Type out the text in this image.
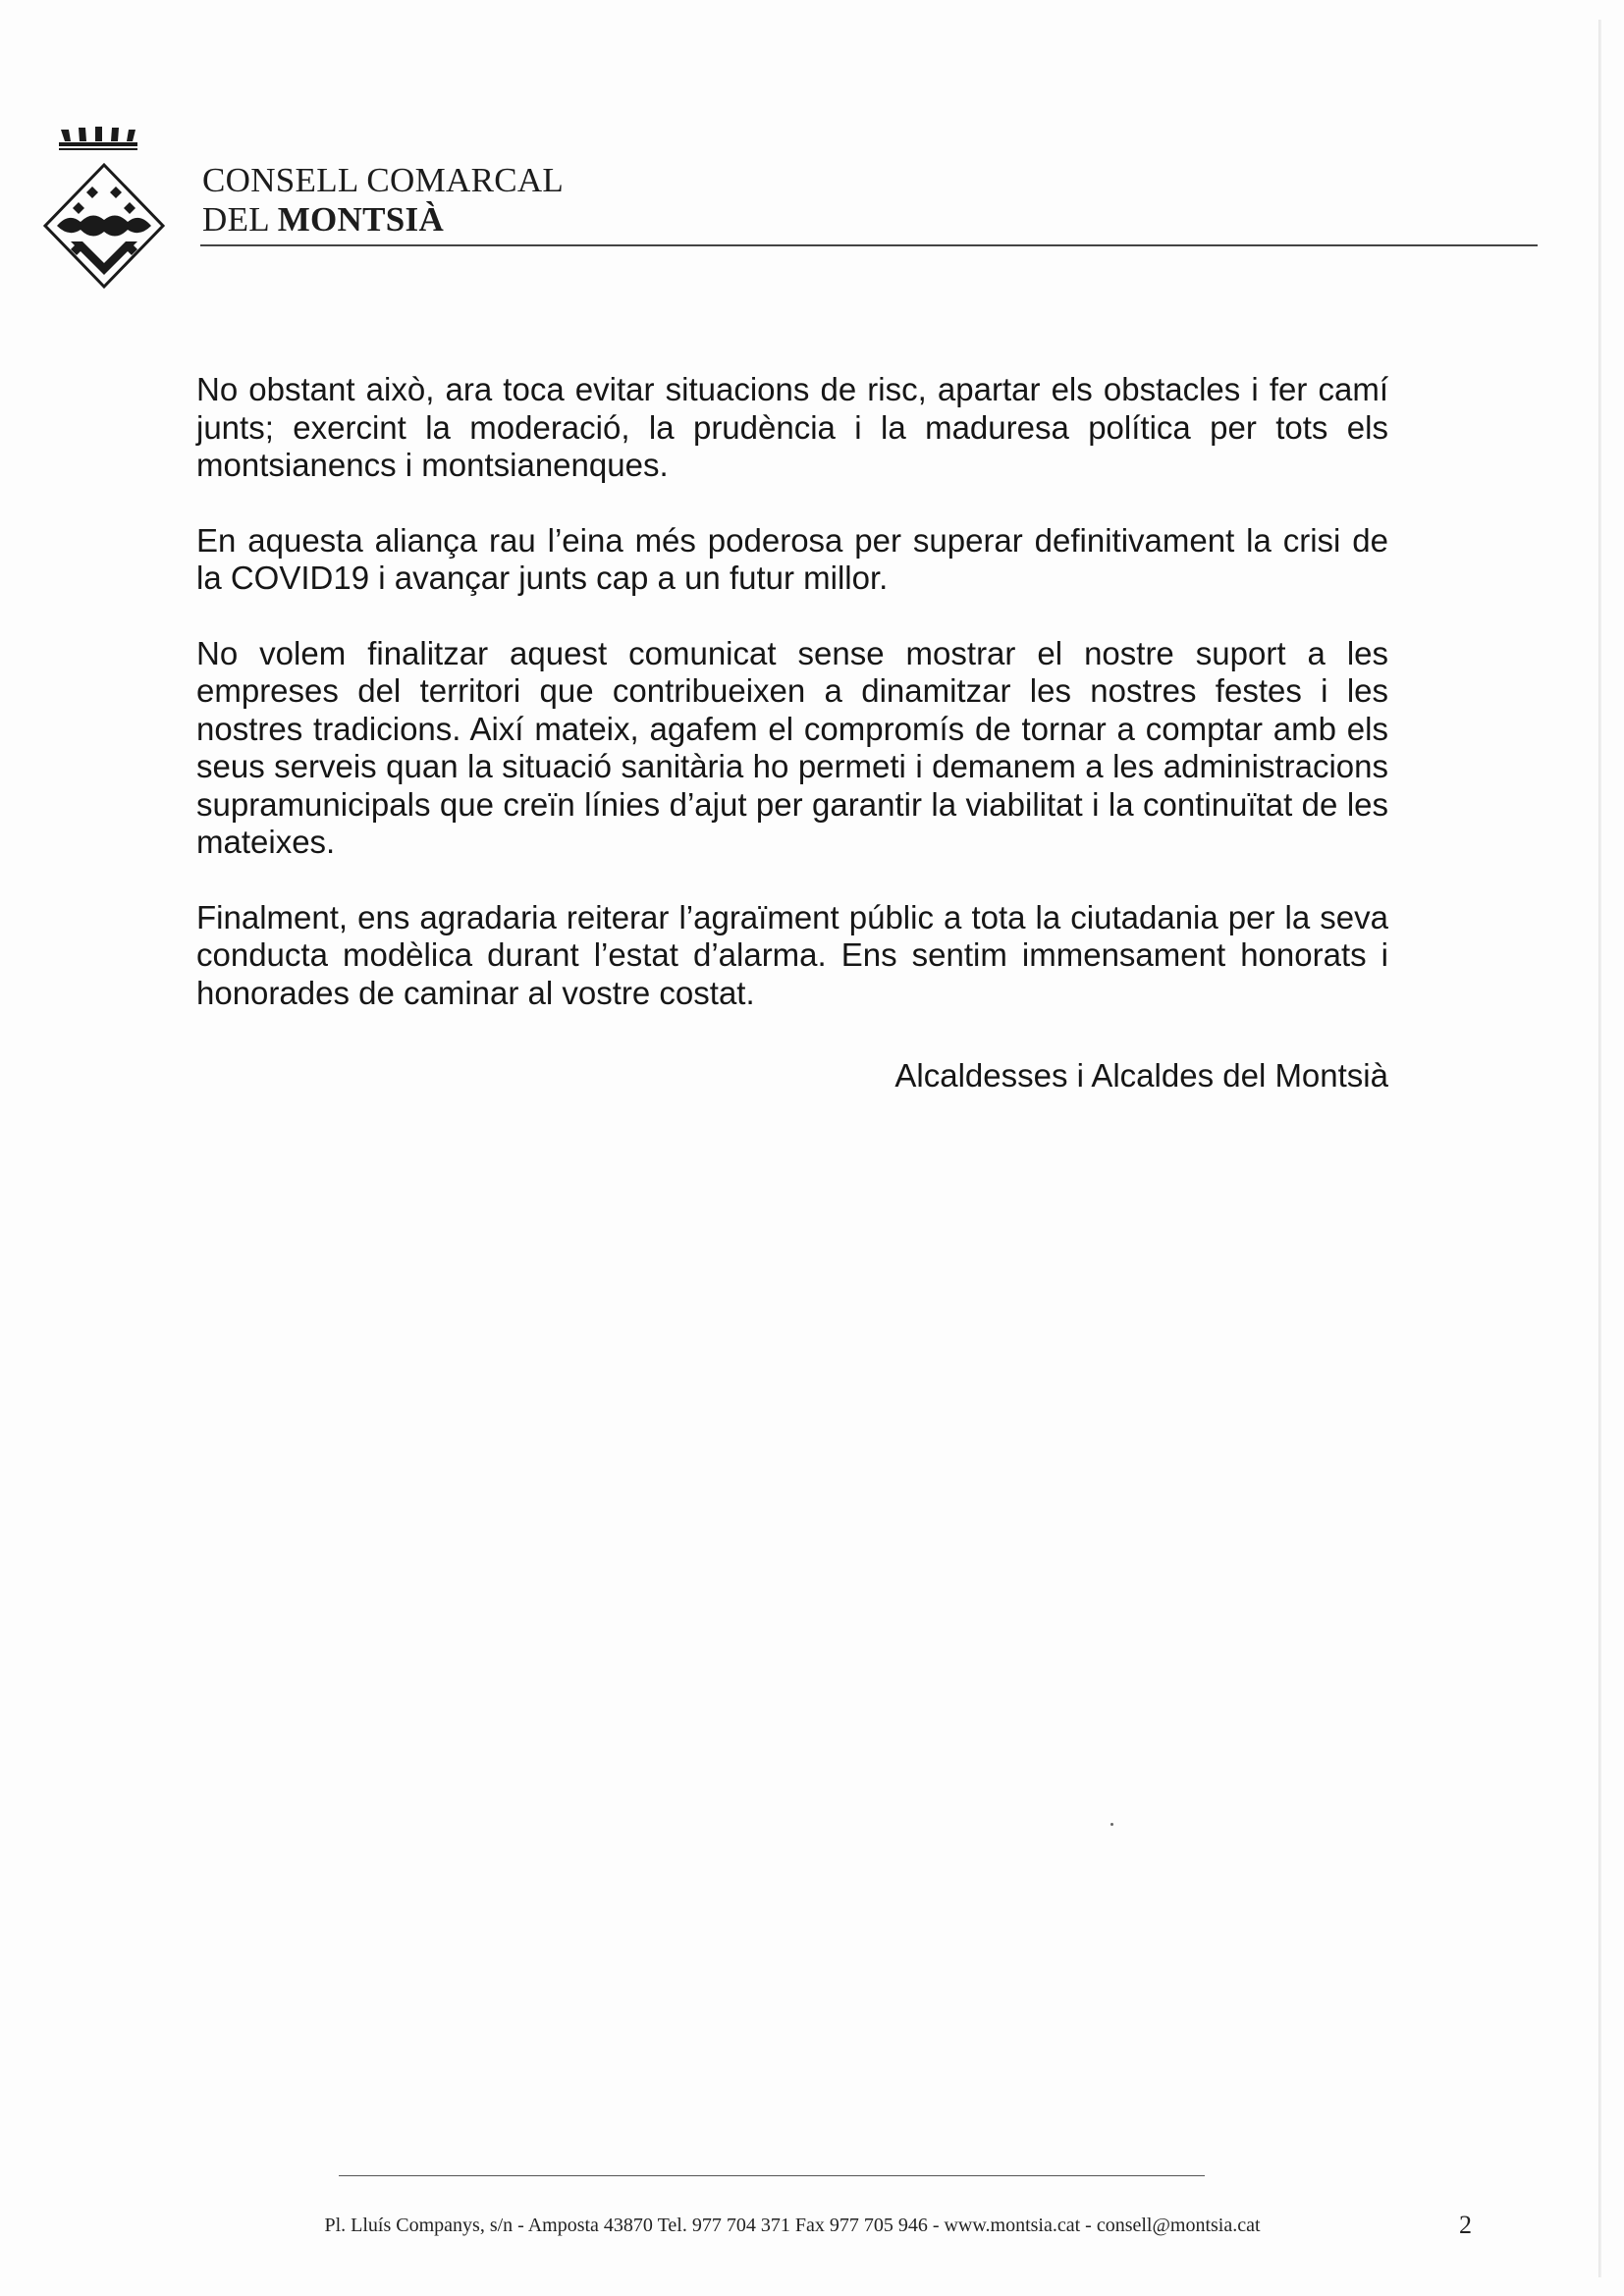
CONSELL COMARCAL
DEL MONTSIÀ

No obstant això, ara toca evitar situacions de risc, apartar els obstacles i fer camí junts; exercint la moderació, la prudència i la maduresa política per tots els montsianencs i montsianenques.

En aquesta aliança rau l’eina més poderosa per superar definitivament la crisi de la COVID19 i avançar junts cap a un futur millor.

No volem finalitzar aquest comunicat sense mostrar el nostre suport a les empreses del territori que contribueixen a dinamitzar les nostres festes i les nostres tradicions. Així mateix, agafem el compromís de tornar a comptar amb els seus serveis quan la situació sanitària ho permeti i demanem a les administracions supramunicipals que creïn línies d’ajut per garantir la viabilitat i la continuïtat de les mateixes.

Finalment, ens agradaria reiterar l’agraïment públic a tota la ciutadania per la seva conducta modèlica durant l’estat d’alarma. Ens sentim immensament honorats i honorades de caminar al vostre costat.

Alcaldesses i Alcaldes del Montsià
Pl. Lluís Companys, s/n - Amposta 43870 Tel. 977 704 371 Fax 977 705 946 - www.montsia.cat - consell@montsia.cat	2
